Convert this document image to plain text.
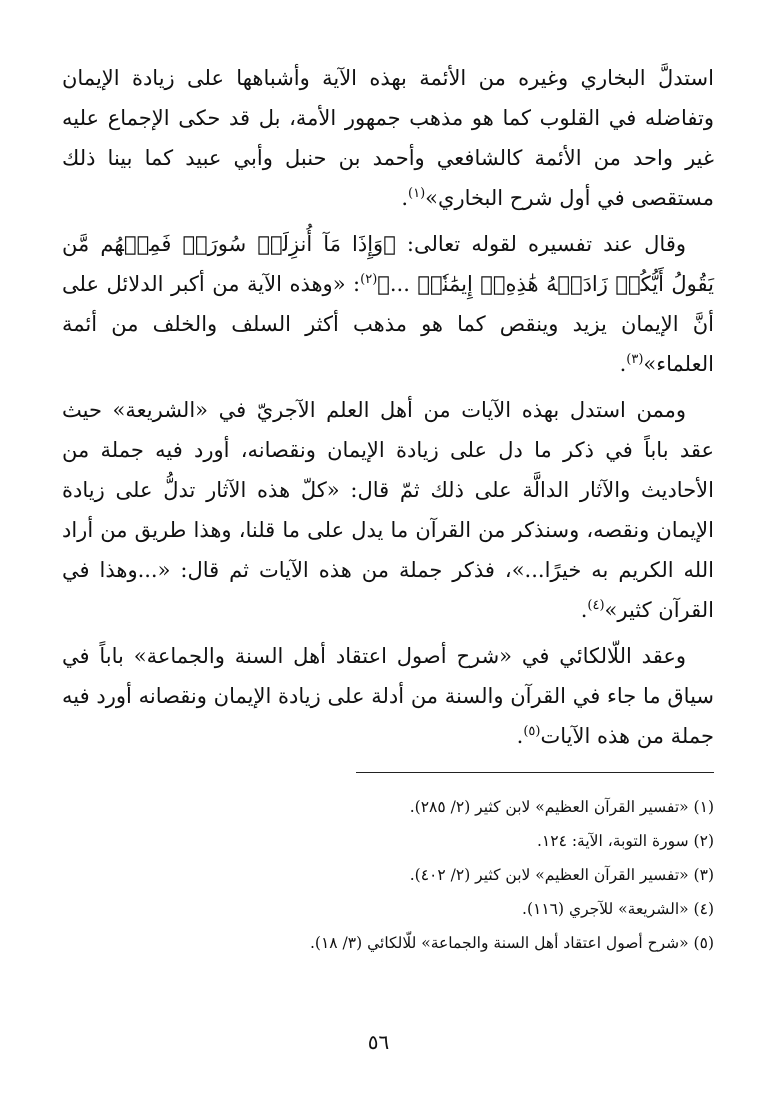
استدلَّ البخاري وغيره من الأئمة بهذه الآية وأشباهها على زيادة الإيمان وتفاضله في القلوب كما هو مذهب جمهور الأمة، بل قد حكى الإجماع عليه غير واحد من الأئمة كالشافعي وأحمد بن حنبل وأبي عبيد كما بينا ذلك مستقصى في أول شرح البخاري»$^{(١)}$.

وقال عند تفسيره لقوله تعالى: ﴿وَإِذَا مَآ أُنزِلَتۡ سُورَةٞ فَمِنۡهُم مَّن يَقُولُ أَيُّكُمۡ زَادَتۡهُ هَٰذِهِۦٓ إِيمَٰنٗاۚ ...﴾$^{(٢)}$: «وهذه الآية من أكبر الدلائل على أنَّ الإيمان يزيد وينقص كما هو مذهب أكثر السلف والخلف من أئمة العلماء»$^{(٣)}$.

وممن استدل بهذه الآيات من أهل العلم الآجريّ في «الشريعة» حيث عقد باباً في ذكر ما دل على زيادة الإيمان ونقصانه، أورد فيه جملة من الأحاديث والآثار الدالَّة على ذلك ثمّ قال: «كلّ هذه الآثار تدلُّ على زيادة الإيمان ونقصه، وسنذكر من القرآن ما يدل على ما قلنا، وهذا طريق من أراد الله الكريم به خيرًا...»، فذكر جملة من هذه الآيات ثم قال: «...وهذا في القرآن كثير»$^{(٤)}$.

وعقد اللّالكائي في «شرح أصول اعتقاد أهل السنة والجماعة» باباً في سياق ما جاء في القرآن والسنة من أدلة على زيادة الإيمان ونقصانه أورد فيه جملة من هذه الآيات$^{(٥)}$.

(١) «تفسير القرآن العظيم» لابن كثير (٢/ ٢٨٥).

(٢) سورة التوبة، الآية: ١٢٤.

(٣) «تفسير القرآن العظيم» لابن كثير (٢/ ٤٠٢).

(٤) «الشريعة» للآجري (١١٦).

(٥) «شرح أصول اعتقاد أهل السنة والجماعة» للّالكائي (٣/ ١٨).

٥٦
